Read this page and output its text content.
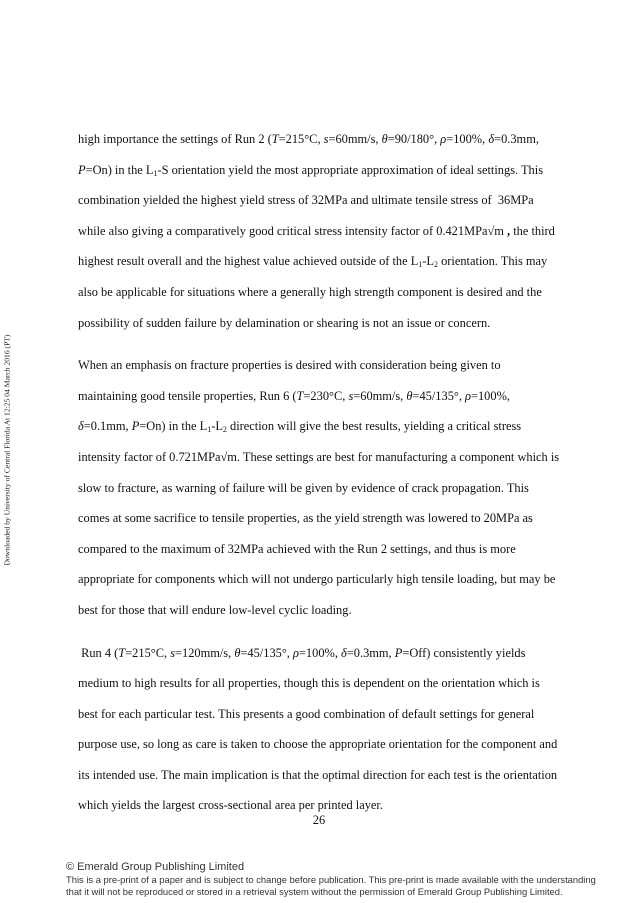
Downloaded by University of Central Florida At 12:25 04 March 2016 (PT)

high importance the settings of Run 2 (T=215°C, s=60mm/s, θ=90/180°, ρ=100%, δ=0.3mm,

P=On) in the $L_1-S$ orientation yield the most appropriate approximation of ideal settings. This

combination yielded the highest yield stress of 32MPa and ultimate tensile stress of  36MPa

while also giving a comparatively good critical stress intensity factor of 0.421MPa√m , the third

highest result overall and the highest value achieved outside of the $L_1-L_2$ orientation. This may

also be applicable for situations where a generally high strength component is desired and the

possibility of sudden failure by delamination or shearing is not an issue or concern.

When an emphasis on fracture properties is desired with consideration being given to

maintaining good tensile properties, Run 6 (T=230°C, s=60mm/s, θ=45/135°, ρ=100%,

δ=0.1mm, P=On) in the $L_1-L_2$ direction will give the best results, yielding a critical stress

intensity factor of 0.721MPa√m. These settings are best for manufacturing a component which is

slow to fracture, as warning of failure will be given by evidence of crack propagation. This

comes at some sacrifice to tensile properties, as the yield strength was lowered to 20MPa as

compared to the maximum of 32MPa achieved with the Run 2 settings, and thus is more

appropriate for components which will not undergo particularly high tensile loading, but may be

best for those that will endure low-level cyclic loading.

Run 4 (T=215°C, s=120mm/s, θ=45/135°, ρ=100%, δ=0.3mm, P=Off) consistently yields

medium to high results for all properties, though this is dependent on the orientation which is

best for each particular test. This presents a good combination of default settings for general

purpose use, so long as care is taken to choose the appropriate orientation for the component and

its intended use. The main implication is that the optimal direction for each test is the orientation

which yields the largest cross-sectional area per printed layer.

26
© Emerald Group Publishing Limited
This is a pre-print of a paper and is subject to change before publication. This pre-print is made available with the understanding
that it will not be reproduced or stored in a retrieval system without the permission of Emerald Group Publishing Limited.
